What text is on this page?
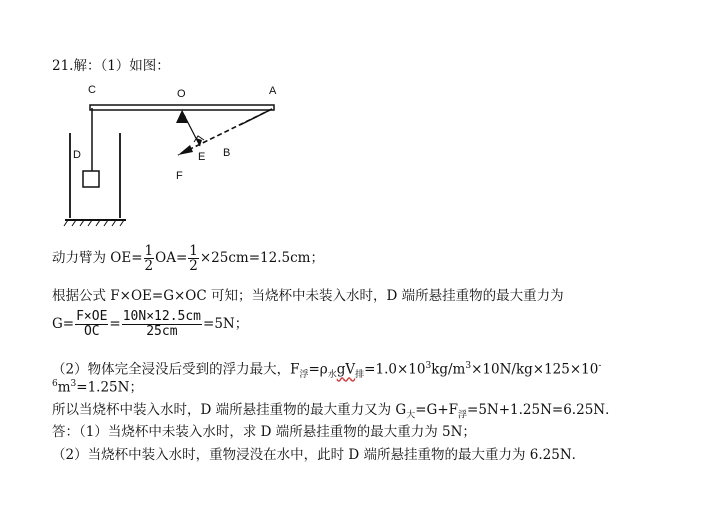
21.解：（1）如图：
C	O	A
D	E B
F
动力臂为 $OE= \frac{1}{2} OA= \frac{1}{2} \times 25cm=12.5cm$；
根据公式 F×OE=G×OC 可知；当烧杯中未装入水时，D 端所悬挂重物的最大重力为
$G= \frac{F\times OE}{OC} = \frac{10N\times 12.5cm}{25cm} =5N$；
（2）物体完全浸没后受到的浮力最大，$F_浮=\rho_水gV_排=1.0\times 10^3kg/m^3\times 10N/kg\times 125\times 10^-$
$^6m^3=1.25N$；
所以当烧杯中装入水时，D 端所悬挂重物的最大重力又为 $G_大=G+F_浮=5N+1.25N=6.25N$．
答：（1）当烧杯中未装入水时，求 D 端所悬挂重物的最大重力为 5N；
（2）当烧杯中装入水时，重物浸没在水中，此时 D 端所悬挂重物的最大重力为 6.25N．
